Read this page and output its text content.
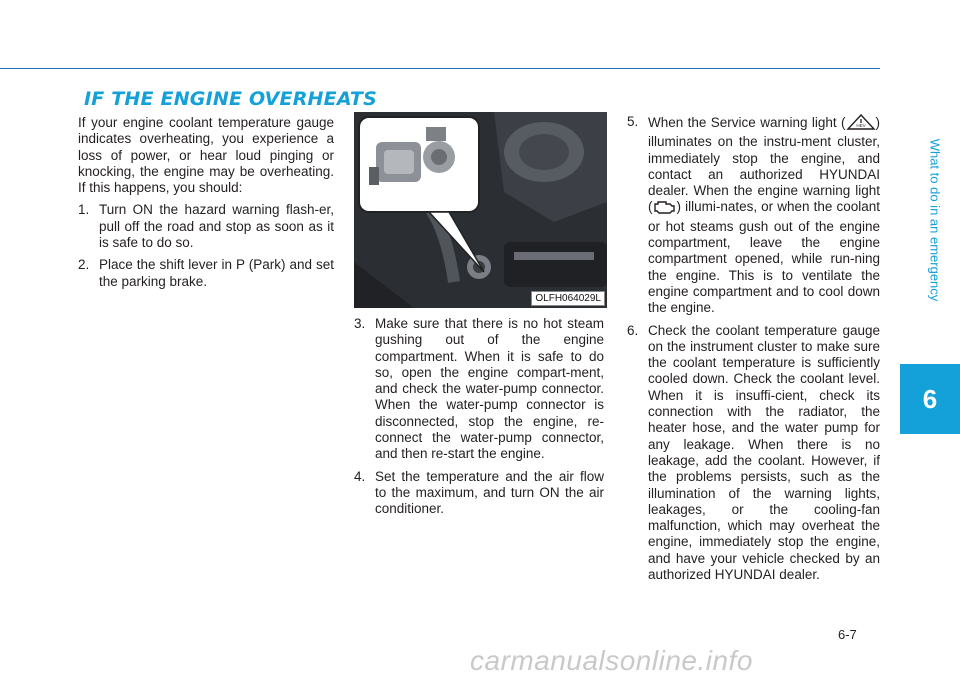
IF THE ENGINE OVERHEATS
What to do in an emergency
6

If your engine coolant temperature gauge indicates overheating, you experience a loss of power, or hear loud pinging or knocking, the engine may be overheating. If this happens, you should:

1. Turn ON the hazard warning flash-er, pull off the road and stop as soon as it is safe to do so.
2. Place the shift lever in P (Park) and set the parking brake.
OLFH064029L
3. Make sure that there is no hot steam gushing out of the engine compartment. When it is safe to do so, open the engine compart-ment, and check the water-pump connector. When the water-pump connector is disconnected, stop the engine, re-connect the water-pump connector, and then re-start the engine.
4. Set the temperature and the air flow to the maximum, and turn ON the air conditioner.
5. When the Service warning light ( HEV ) illuminates on the instru-ment cluster, immediately stop the engine, and contact an authorized HYUNDAI dealer. When the engine warning light ( ) illumi-nates, or when the coolant or hot steams gush out of the engine compartment, leave the engine compartment opened, while run-ning the engine. This is to ventilate the engine compartment and to cool down the engine.
6. Check the coolant temperature gauge on the instrument cluster to make sure the coolant temperature is sufficiently cooled down. Check the coolant level. When it is insuffi-cient, check its connection with the radiator, the heater hose, and the water pump for any leakage. When there is no leakage, add the coolant. However, if the problems persists, such as the illumination of the warning lights, leakages, or the cooling-fan malfunction, which may overheat the engine, immediately stop the engine, and have your vehicle checked by an authorized HYUNDAI dealer.
6-7
carmanualsonline.info
